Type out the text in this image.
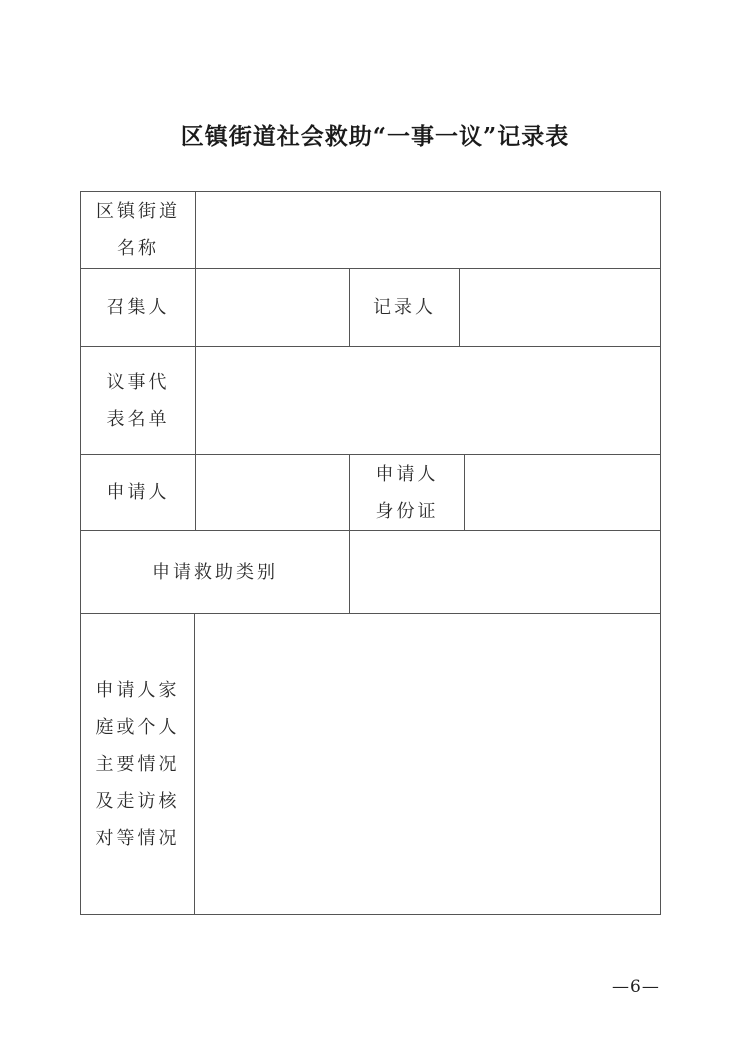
区镇街道社会救助“一事一议”记录表
区镇街道
名称
召集人	记录人
议事代
表名单
申请人
申请人
身份证
申请救助类别
申请人家
庭或个人
主要情况
及走访核
对等情况
—6—
